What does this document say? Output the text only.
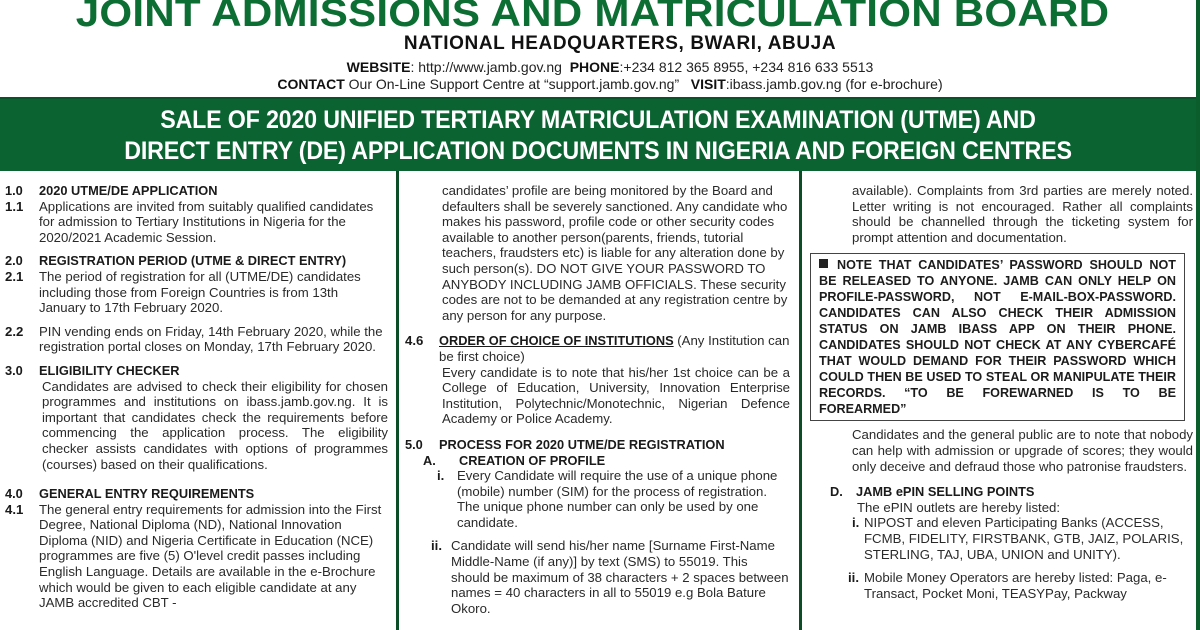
JOINT ADMISSIONS AND MATRICULATION BOARD
NATIONAL HEADQUARTERS, BWARI, ABUJA
WEBSITE: http://www.jamb.gov.ng PHONE:+234 812 365 8955, +234 816 633 5513
CONTACT Our On-Line Support Centre at “support.jamb.gov.ng” VISIT:ibass.jamb.gov.ng (for e-brochure)
SALE OF 2020 UNIFIED TERTIARY MATRICULATION EXAMINATION (UTME) AND
DIRECT ENTRY (DE) APPLICATION DOCUMENTS IN NIGERIA AND FOREIGN CENTRES

1.0 2020 UTME/DE APPLICATION

1.1	Applications are invited from suitably qualified candidates for admission to Tertiary Institutions in Nigeria for the 2020/2021 Academic Session.

2.0 REGISTRATION PERIOD (UTME & DIRECT ENTRY)

2.1	The period of registration for all (UTME/DE) candidates including those from Foreign Countries is from 13th January to 17th February 2020.
2.2	PIN vending ends on Friday, 14th February 2020, while the registration portal closes on Monday, 17th February 2020.

3.0 ELIGIBILITY CHECKER

Candidates are advised to check their eligibility for chosen programmes and institutions on ibass.jamb.gov.ng. It is important that candidates check the requirements before commencing the application process. The eligibility checker assists candidates with options of programmes (courses) based on their qualifications.

4.0 GENERAL ENTRY REQUIREMENTS

4.1	The general entry requirements for admission into the First Degree, National Diploma (ND), National Innovation Diploma (NID) and Nigeria Certificate in Education (NCE) programmes are five (5) O'level credit passes including English Language. Details are available in the e-Brochure which would be given to each eligible candidate at any JAMB accredited CBT -

candidates’ profile are being monitored by the Board and defaulters shall be severely sanctioned. Any candidate who makes his password, profile code or other security codes available to another person(parents, friends, tutorial teachers, fraudsters etc) is liable for any alteration done by such person(s). DO NOT GIVE YOUR PASSWORD TO ANYBODY INCLUDING JAMB OFFICIALS. These security codes are not to be demanded at any registration centre by any person for any purpose.

4.6	ORDER OF CHOICE OF INSTITUTIONS (Any Institution can be first choice)

Every candidate is to note that his/her 1st choice can be a College of Education, University, Innovation Enterprise Institution, Polytechnic/Monotechnic, Nigerian Defence Academy or Police Academy.

5.0 PROCESS FOR 2020 UTME/DE REGISTRATION

A. CREATION OF PROFILE

i. Every Candidate will require the use of a unique phone (mobile) number (SIM) for the process of registration. The unique phone number can only be used by one candidate.
ii. Candidate will send his/her name [Surname First-Name Middle-Name (if any)] by text (SMS) to 55019. This should be maximum of 38 characters + 2 spaces between names = 40 characters in all to 55019 e.g Bola Bature Okoro.

available). Complaints from 3rd parties are merely noted. Letter writing is not encouraged. Rather all complaints should be channelled through the ticketing system for prompt attention and documentation.

NOTE THAT CANDIDATES’ PASSWORD SHOULD NOT BE RELEASED TO ANYONE. JAMB CAN ONLY HELP ON PROFILE-PASSWORD, NOT E-MAIL-BOX-PASSWORD. CANDIDATES CAN ALSO CHECK THEIR ADMISSION STATUS ON JAMB IBASS APP ON THEIR PHONE. CANDIDATES SHOULD NOT CHECK AT ANY CYBERCAFÉ THAT WOULD DEMAND FOR THEIR PASSWORD WHICH COULD THEN BE USED TO STEAL OR MANIPULATE THEIR RECORDS. “TO BE FOREWARNED IS TO BE FOREARMED”

Candidates and the general public are to note that nobody can help with admission or upgrade of scores; they would only deceive and defraud those who patronise fraudsters.

D. JAMB ePIN SELLING POINTS

The ePIN outlets are hereby listed:

i. NIPOST and eleven Participating Banks (ACCESS, FCMB, FIDELITY, FIRSTBANK, GTB, JAIZ, POLARIS, STERLING, TAJ, UBA, UNION and UNITY).
ii. Mobile Money Operators are hereby listed: Paga, e-Transact, Pocket Moni, TEASYPay, Packway
